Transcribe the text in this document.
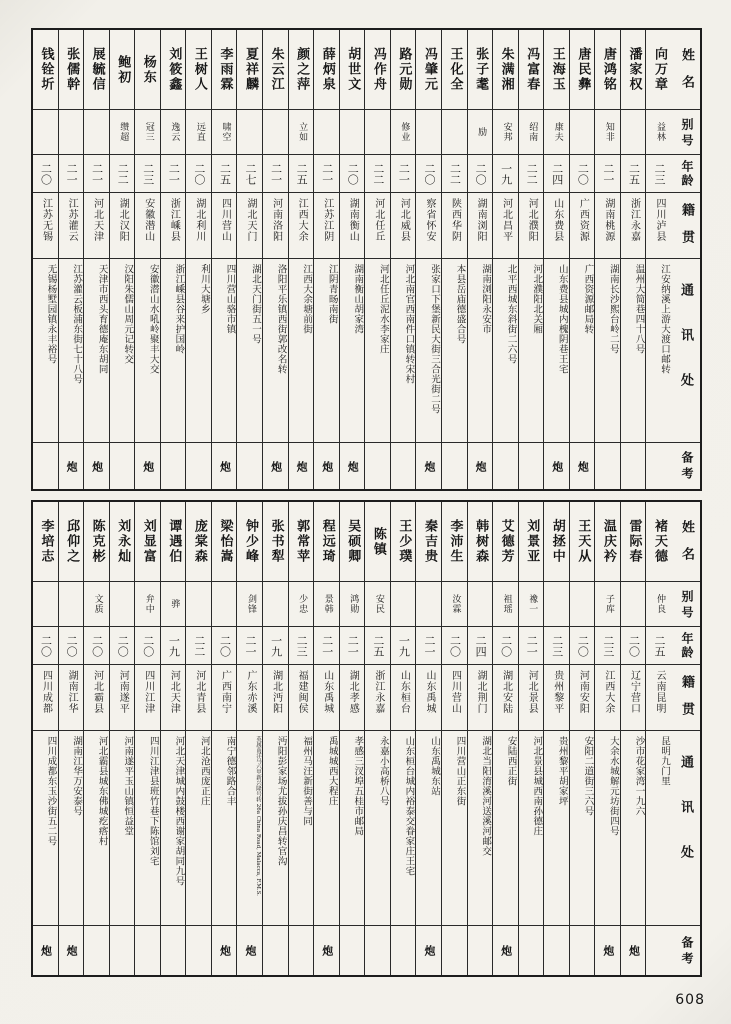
姓名
别号
年龄
籍贯
通讯处
备考
向万章
益林
二三
四川泸县
江安纳溪上游大渡口邮转
潘家权
二五
浙江永嘉
温州大简巷四十八号
唐鸿铭
知非
二一
湖南桃源
湖南长沙熙台岭二号
唐民彝
二〇
广西资源
广西资源邮局转
炮
王海玉
康夫
二四
山东费县
山东费县城内槐阴巷王宅
炮
冯富春
绍南
二二
河北濮阳
河北濮阳北关厢
朱满湘
安邦
一九
河北昌平
北平西城东斜街二六号
张子耄
励
二〇
湖南浏阳
湖南浏阳永安市
炮
王化全
二二
陕西华阴
本县岳庙德盛合号
冯肇元
二〇
察省怀安
张家口下堡新民大街三合光街二号
炮
路元勋
修业
二一
河北威县
河北南官西南件口镇转宋村
冯作舟
二二
河北任丘
河北任丘泥水李家庄
胡世文
二〇
湖南衡山
湖南衡山胡家湾
炮
薛炳泉
二一
江苏江阴
江阴青旸南街
炮
颜之萍
立如
二五
江西大余
江西大余塘前街
炮
朱云江
二一
河南洛阳
洛阳平乐镇西街郭改名转
炮
夏祥麟
二七
湖北天门
湖北天门街五一号
李雨霖
啸空
二五
四川营山
四川营山骆市镇
炮
王树人
远直
二〇
湖北利川
利川大塘乡
刘筱鑫
逸云
二一
浙江嵊县
浙江嵊县谷来护国岭
杨东
冠三
二三
安徽潜山
安徽潜山水吼岭聚丰大交
炮
鲍初
缵超
二二
湖北汉阳
汉阳朱儒山周元记转交
展毓信
二一
河北天津
天津市西头育德庵东胡同
炮
张儒幹
二一
江苏灌云
江苏灌云板浦东街七十八号
炮
钱铨圻
二〇
江苏无锡
无锡杨墅园镇永丰裕号
姓名
别号
年龄
籍贯
通讯处
备考
褚天德
仲良
二五
云南昆明
昆明九门里
雷际春
二〇
辽宁营口
沙市花家湾一九六
炮
温庆衿
子库
二三
江西大余
大余水城解元坊街四号
炮
王天从
二〇
河南安阳
安阳二道街三六号
胡拯中
二三
贵州黎平
贵州黎平胡家坪
刘景亚
襐一
二一
河北景县
河北景县城西南孙德庄
艾德芳
祖瑶
二〇
湖北安陆
安陆西正街
炮
韩树森
二四
湖北荆门
湖北当阳淯溪河送溪河邮交
李沛生
汝霖
二〇
四川营山
四川营山正东街
秦吉贵
二一
山东禹城
山东禹城东站
炮
王少璞
一九
山东桓台
山东桓台城内裕泰交眷家庄王宅
陈镇
安民
二五
浙江永嘉
永嘉小高桥八号
吴硕卿
鸿勋
二一
湖北孝感
孝感三汊埠五桂市邮局
程远琦
景韩
二一
山东禹城
禹城城西大程庄
炮
郭常苹
少忠
二三
福建闽侯
福州马汪新街善与同
张书犁
一九
湖北沔阳
沔阳彭家场尤拔孙庆昌转官沟
钟少峰
剑锋
二一
广东赤溪
英属南洋马六甲新兴隆号转 26a China Road, Malacca, F.M.S.
炮
梁怡嵩
二〇
广西南宁
南宁德邻路合丰
炮
庞棠森
二二
河北青县
河北沧西庞正庄
谭遇伯
骅
一九
河北天津
河北天津城内鼓楼西谢家胡同九号
刘显富
弁中
二〇
四川江津
四川江津县班竹巷下陈馆刘宅
刘永灿
二〇
河南遂平
河南遂平玉山镇恒益堂
陈克彬
文质
二〇
河北霸县
河北霸县城东佛城疙瘩村
邱仰之
二〇
湖南江华
湖南江华万安泰号
炮
李培志
二〇
四川成都
四川成都东玉沙街五二号
炮
608
